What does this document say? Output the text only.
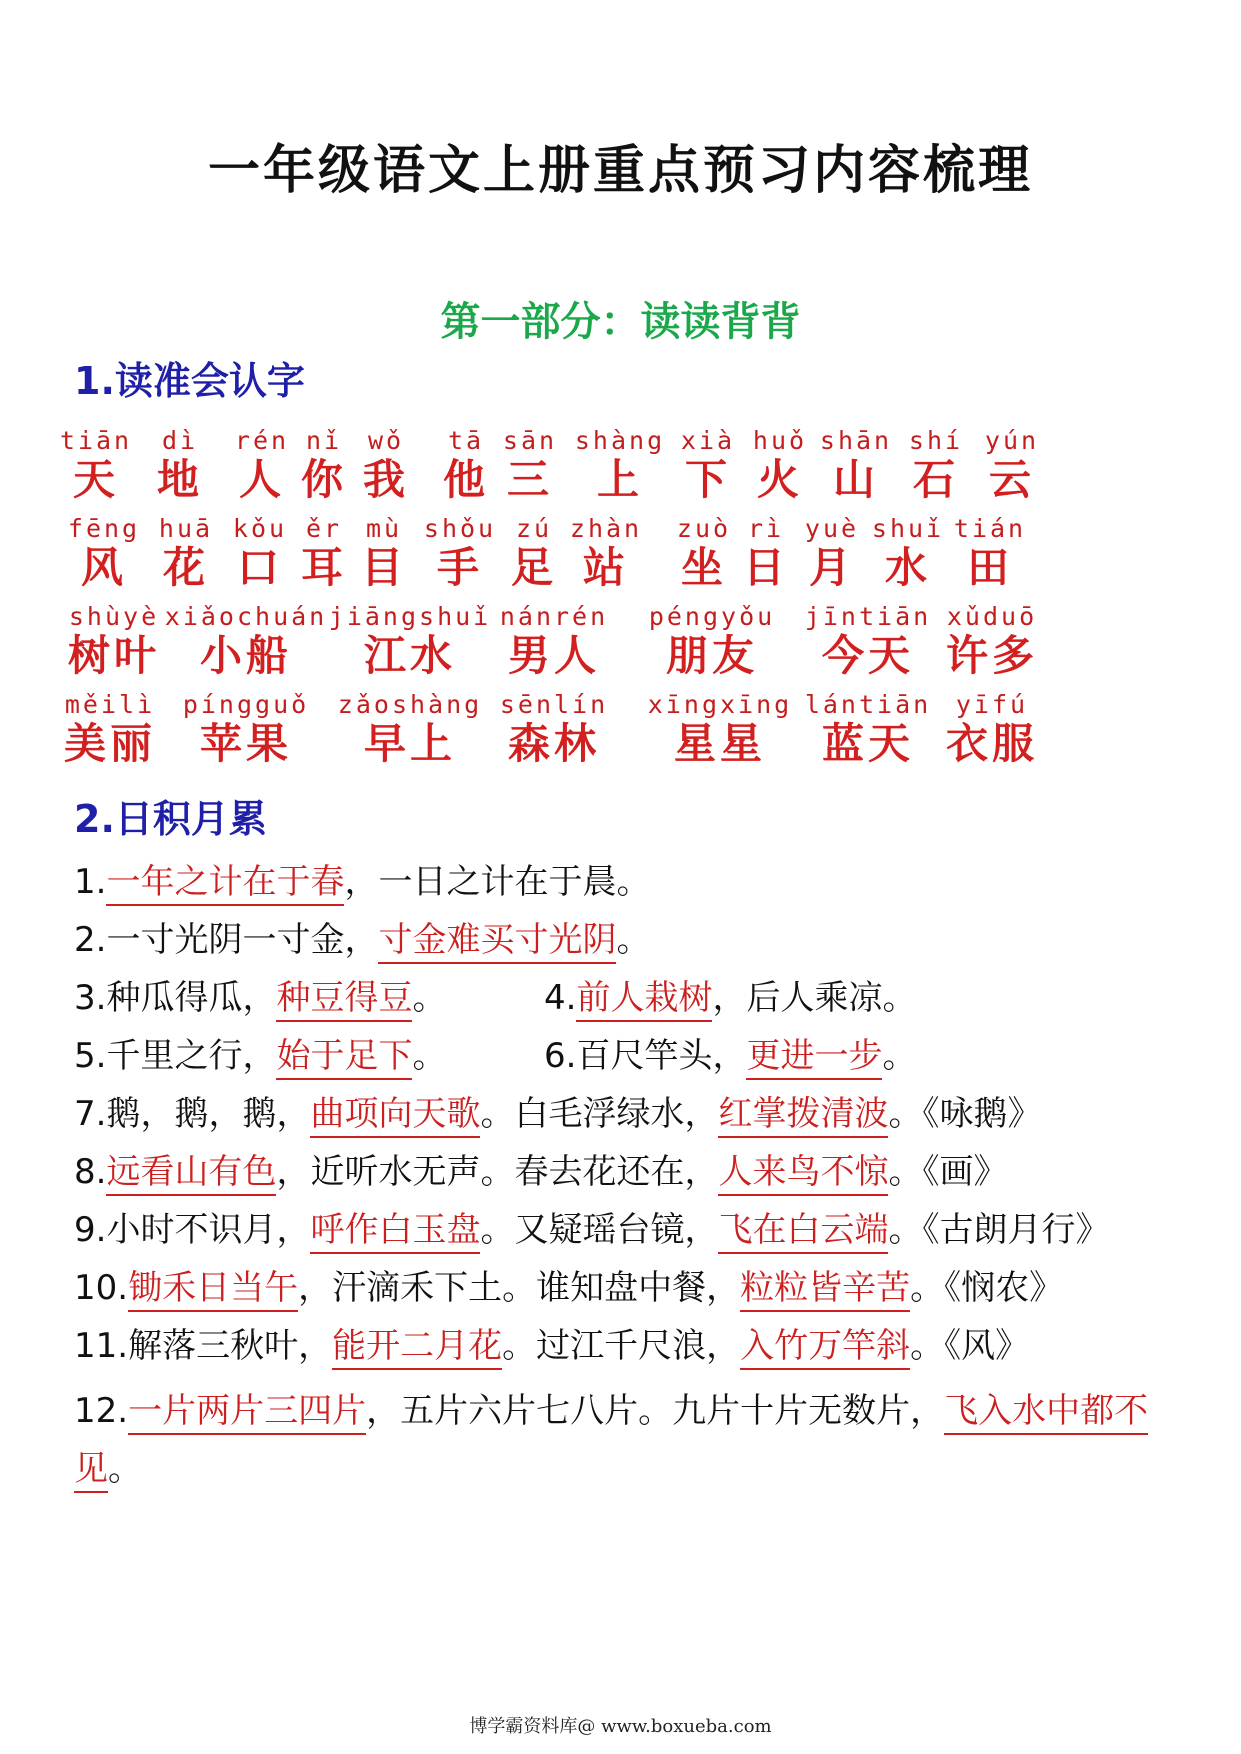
一年级语文上册重点预习内容梳理
第一部分：读读背背
1.读准会认字
tiān
天
dì
地
rén
人
nǐ
你
wǒ
我
tā
他
sān
三
shàng
上
xià
下
huǒ
火
shān
山
shí
石
yún
云
fēng
风
huā
花
kǒu
口
ěr
耳
mù
目
shǒu
手
zú
足
zhàn
站
zuò
坐
rì
日
yuè
月
shuǐ
水
tián
田
shùyè
树叶
xiǎochuán
小船
jiāngshuǐ
江水
nánrén
男人
péngyǒu
朋友
jīntiān
今天
xǔduō
许多
měilì
美丽
píngguǒ
苹果
zǎoshàng
早上
sēnlín
森林
xīngxīng
星星
lántiān
蓝天
yīfú
衣服
2.日积月累
1.一年之计在于春，一日之计在于晨。
2.一寸光阴一寸金，寸金难买寸光阴。
3.种瓜得瓜，种豆得豆。	4.前人栽树，后人乘凉。
5.千里之行，始于足下。	6.百尺竿头，更进一步。
7.鹅，鹅，鹅，曲项向天歌。白毛浮绿水，红掌拨清波。《咏鹅》
8.远看山有色，近听水无声。春去花还在，人来鸟不惊。《画》
9.小时不识月，呼作白玉盘。又疑瑶台镜，飞在白云端。《古朗月行》
10.锄禾日当午，汗滴禾下土。谁知盘中餐，粒粒皆辛苦。《悯农》
11.解落三秋叶，能开二月花。过江千尺浪，入竹万竿斜。《风》
12.一片两片三四片，五片六片七八片。九片十片无数片，飞入水中都不见。
博学霸资料库@ www.boxueba.com
